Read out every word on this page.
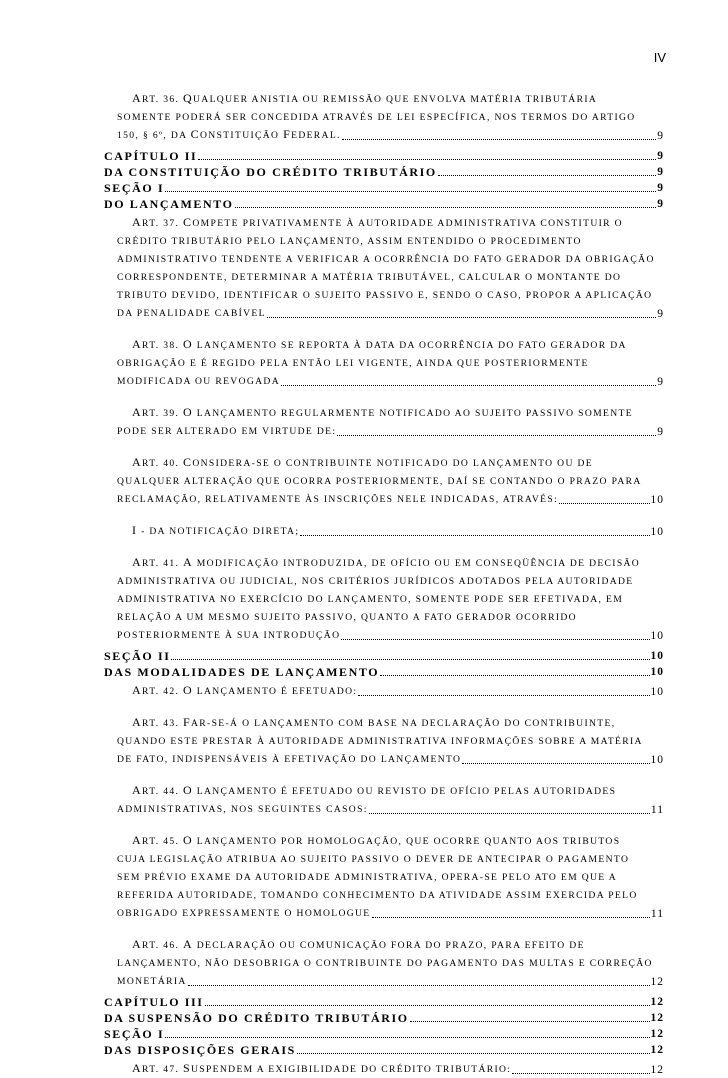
IV
ART. 36. QUALQUER ANISTIA OU REMISSÃO QUE ENVOLVA MATÉRIA TRIBUTÁRIA
SOMENTE PODERÁ SER CONCEDIDA ATRAVÉS DE LEI ESPECÍFICA, NOS TERMOS DO ARTIGO
150, § 6º, DA CONSTITUIÇÃO FEDERAL.	9
CAPÍTULO II	9
DA CONSTITUIÇÃO DO CRÉDITO TRIBUTÁRIO	9
SEÇÃO I	9
DO LANÇAMENTO	9
ART. 37. COMPETE PRIVATIVAMENTE À AUTORIDADE ADMINISTRATIVA CONSTITUIR O
CRÉDITO TRIBUTÁRIO PELO LANÇAMENTO, ASSIM ENTENDIDO O PROCEDIMENTO
ADMINISTRATIVO TENDENTE A VERIFICAR A OCORRÊNCIA DO FATO GERADOR DA OBRIGAÇÃO
CORRESPONDENTE, DETERMINAR A MATÉRIA TRIBUTÁVEL, CALCULAR O MONTANTE DO
TRIBUTO DEVIDO, IDENTIFICAR O SUJEITO PASSIVO E, SENDO O CASO, PROPOR A APLICAÇÃO
DA PENALIDADE CABÍVEL	9
ART. 38. O LANÇAMENTO SE REPORTA À DATA DA OCORRÊNCIA DO FATO GERADOR DA
OBRIGAÇÃO E É REGIDO PELA ENTÃO LEI VIGENTE, AINDA QUE POSTERIORMENTE
MODIFICADA OU REVOGADA	9
ART. 39. O LANÇAMENTO REGULARMENTE NOTIFICADO AO SUJEITO PASSIVO SOMENTE
PODE SER ALTERADO EM VIRTUDE DE:	9
ART. 40. CONSIDERA-SE O CONTRIBUINTE NOTIFICADO DO LANÇAMENTO OU DE
QUALQUER ALTERAÇÃO QUE OCORRA POSTERIORMENTE, DAÍ SE CONTANDO O PRAZO PARA
RECLAMAÇÃO, RELATIVAMENTE ÀS INSCRIÇÕES NELE INDICADAS, ATRAVÉS:	10
I - DA NOTIFICAÇÃO DIRETA;	10
ART. 41. A MODIFICAÇÃO INTRODUZIDA, DE OFÍCIO OU EM CONSEQÜÊNCIA DE DECISÃO
ADMINISTRATIVA OU JUDICIAL, NOS CRITÉRIOS JURÍDICOS ADOTADOS PELA AUTORIDADE
ADMINISTRATIVA NO EXERCÍCIO DO LANÇAMENTO, SOMENTE PODE SER EFETIVADA, EM
RELAÇÃO A UM MESMO SUJEITO PASSIVO, QUANTO A FATO GERADOR OCORRIDO
POSTERIORMENTE À SUA INTRODUÇÃO	10
SEÇÃO II	10
DAS MODALIDADES DE LANÇAMENTO	10
ART. 42. O LANÇAMENTO É EFETUADO:	10
ART. 43. FAR-SE-Á O LANÇAMENTO COM BASE NA DECLARAÇÃO DO CONTRIBUINTE,
QUANDO ESTE PRESTAR À AUTORIDADE ADMINISTRATIVA INFORMAÇÕES SOBRE A MATÉRIA
DE FATO, INDISPENSÁVEIS À EFETIVAÇÃO DO LANÇAMENTO	10
ART. 44. O LANÇAMENTO É EFETUADO OU REVISTO DE OFÍCIO PELAS AUTORIDADES
ADMINISTRATIVAS, NOS SEGUINTES CASOS:	11
ART. 45. O LANÇAMENTO POR HOMOLOGAÇÃO, QUE OCORRE QUANTO AOS TRIBUTOS
CUJA LEGISLAÇÃO ATRIBUA AO SUJEITO PASSIVO O DEVER DE ANTECIPAR O PAGAMENTO
SEM PRÉVIO EXAME DA AUTORIDADE ADMINISTRATIVA, OPERA-SE PELO ATO EM QUE A
REFERIDA AUTORIDADE, TOMANDO CONHECIMENTO DA ATIVIDADE ASSIM EXERCIDA PELO
OBRIGADO EXPRESSAMENTE O HOMOLOGUE	11
ART. 46. A DECLARAÇÃO OU COMUNICAÇÃO FORA DO PRAZO, PARA EFEITO DE
LANÇAMENTO, NÃO DESOBRIGA O CONTRIBUINTE DO PAGAMENTO DAS MULTAS E CORREÇÃO
MONETÁRIA	12
CAPÍTULO III	12
DA SUSPENSÃO DO CRÉDITO TRIBUTÁRIO	12
SEÇÃO I	12
DAS DISPOSIÇÕES GERAIS	12
ART. 47. SUSPENDEM A EXIGIBILIDADE DO CRÉDITO TRIBUTÁRIO:	12
